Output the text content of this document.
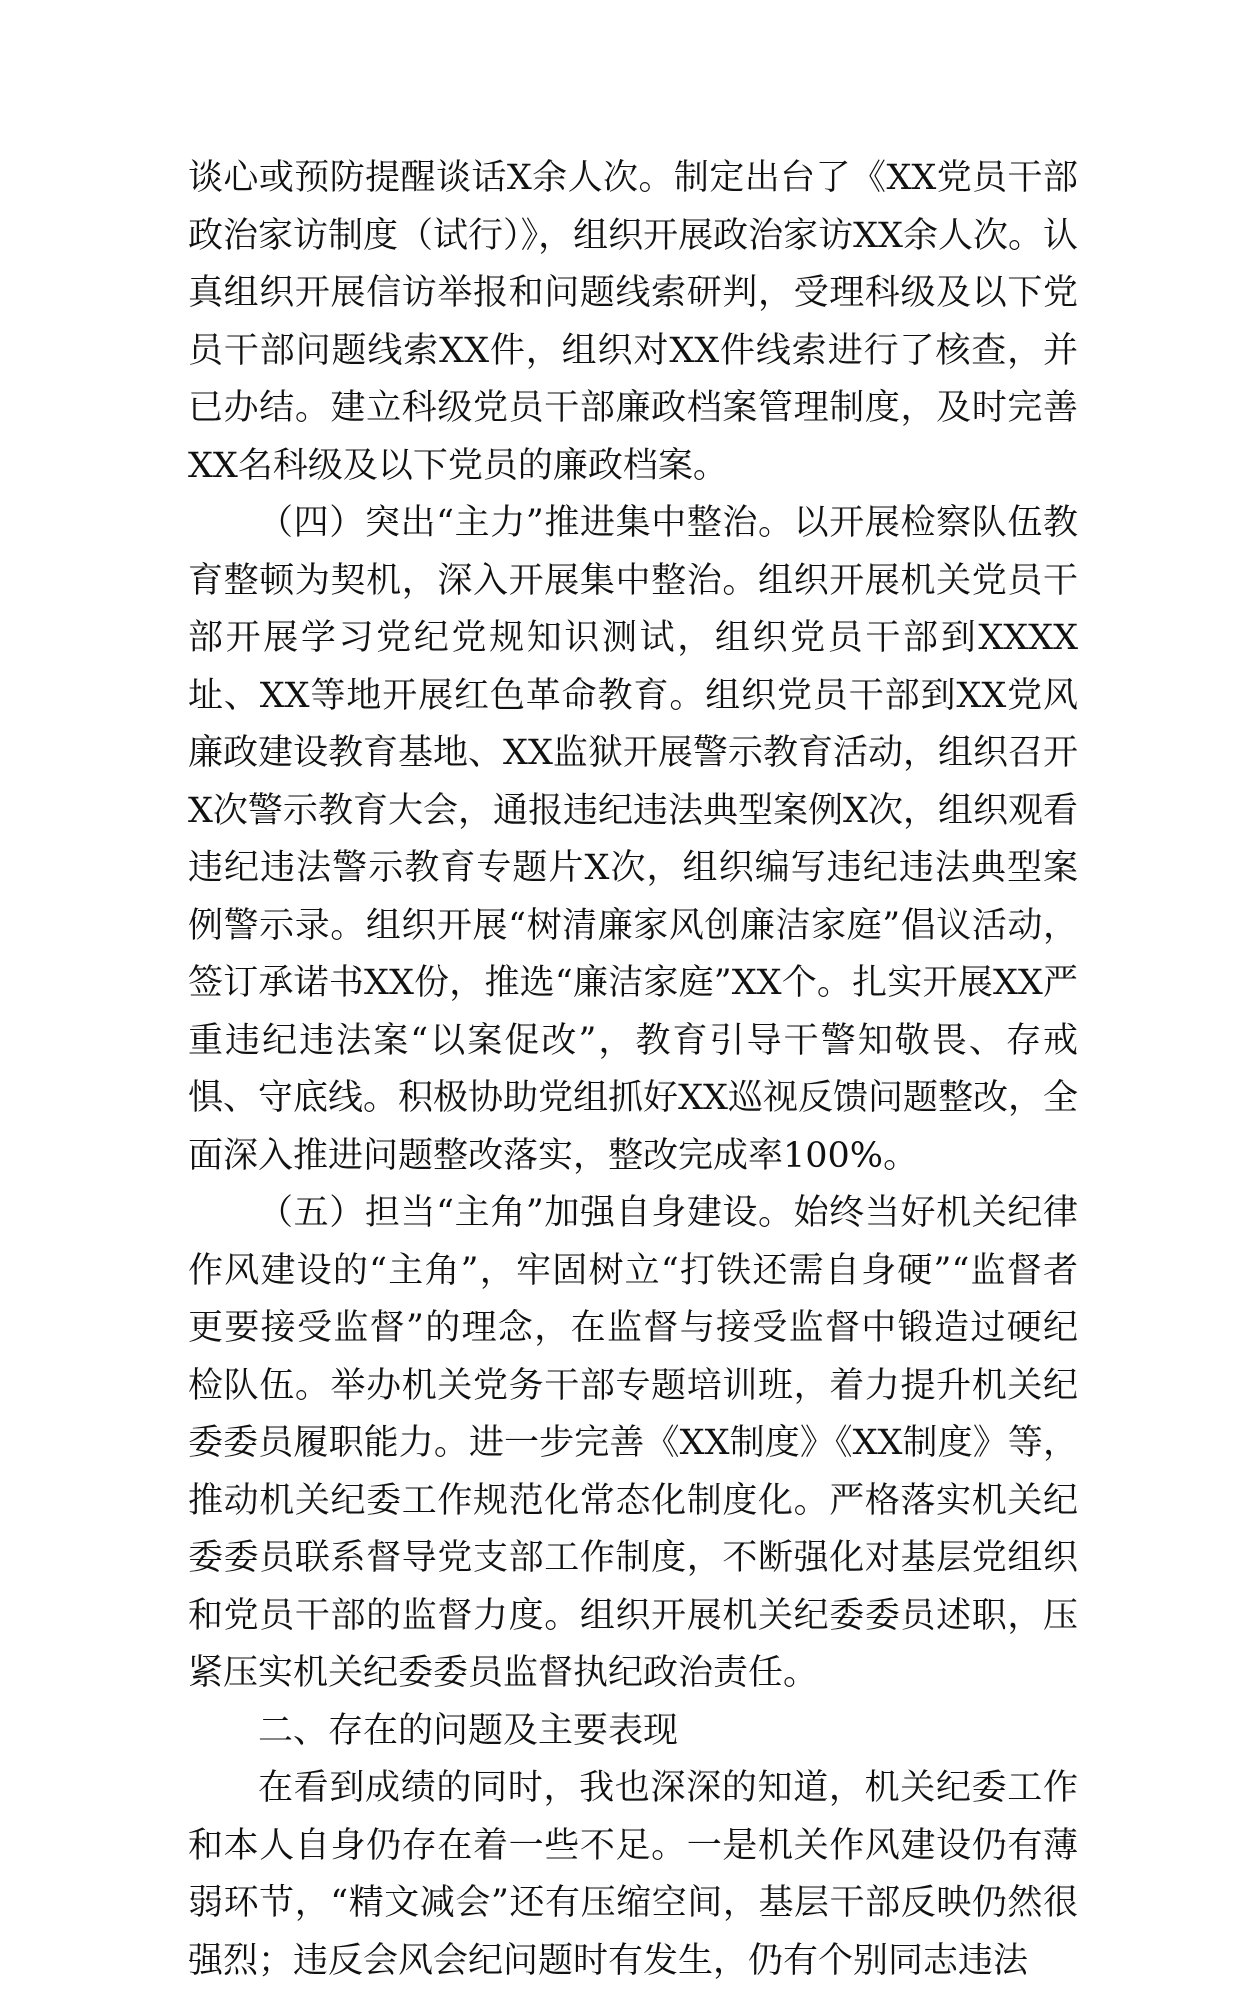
谈心或预防提醒谈话X余人次。制定出台了《XX党员干部政治家访制度（试行）》，组织开展政治家访XX余人次。认真组织开展信访举报和问题线索研判，受理科级及以下党员干部问题线索XX件，组织对XX件线索进行了核查，并已办结。建立科级党员干部廉政档案管理制度，及时完善XX名科级及以下党员的廉政档案。

（四）突出“主力”推进集中整治。以开展检察队伍教育整顿为契机，深入开展集中整治。组织开展机关党员干部开展学习党纪党规知识测试，组织党员干部到XXXX址、XX等地开展红色革命教育。组织党员干部到XX党风廉政建设教育基地、XX监狱开展警示教育活动，组织召开X次警示教育大会，通报违纪违法典型案例X次，组织观看违纪违法警示教育专题片X次，组织编写违纪违法典型案例警示录。组织开展“树清廉家风创廉洁家庭”倡议活动，签订承诺书XX份，推选“廉洁家庭”XX个。扎实开展XX严重违纪违法案“以案促改”，教育引导干警知敬畏、存戒惧、守底线。积极协助党组抓好XX巡视反馈问题整改，全面深入推进问题整改落实，整改完成率100%。

（五）担当“主角”加强自身建设。始终当好机关纪律作风建设的“主角”，牢固树立“打铁还需自身硬”“监督者更要接受监督”的理念，在监督与接受监督中锻造过硬纪检队伍。举办机关党务干部专题培训班，着力提升机关纪委委员履职能力。进一步完善《XX制度》《XX制度》等，推动机关纪委工作规范化常态化制度化。严格落实机关纪委委员联系督导党支部工作制度，不断强化对基层党组织和党员干部的监督力度。组织开展机关纪委委员述职，压紧压实机关纪委委员监督执纪政治责任。

二、存在的问题及主要表现

在看到成绩的同时，我也深深的知道，机关纪委工作和本人自身仍存在着一些不足。一是机关作风建设仍有薄弱环节，“精文减会”还有压缩空间，基层干部反映仍然很强烈；违反会风会纪问题时有发生，仍有个别同志违法
